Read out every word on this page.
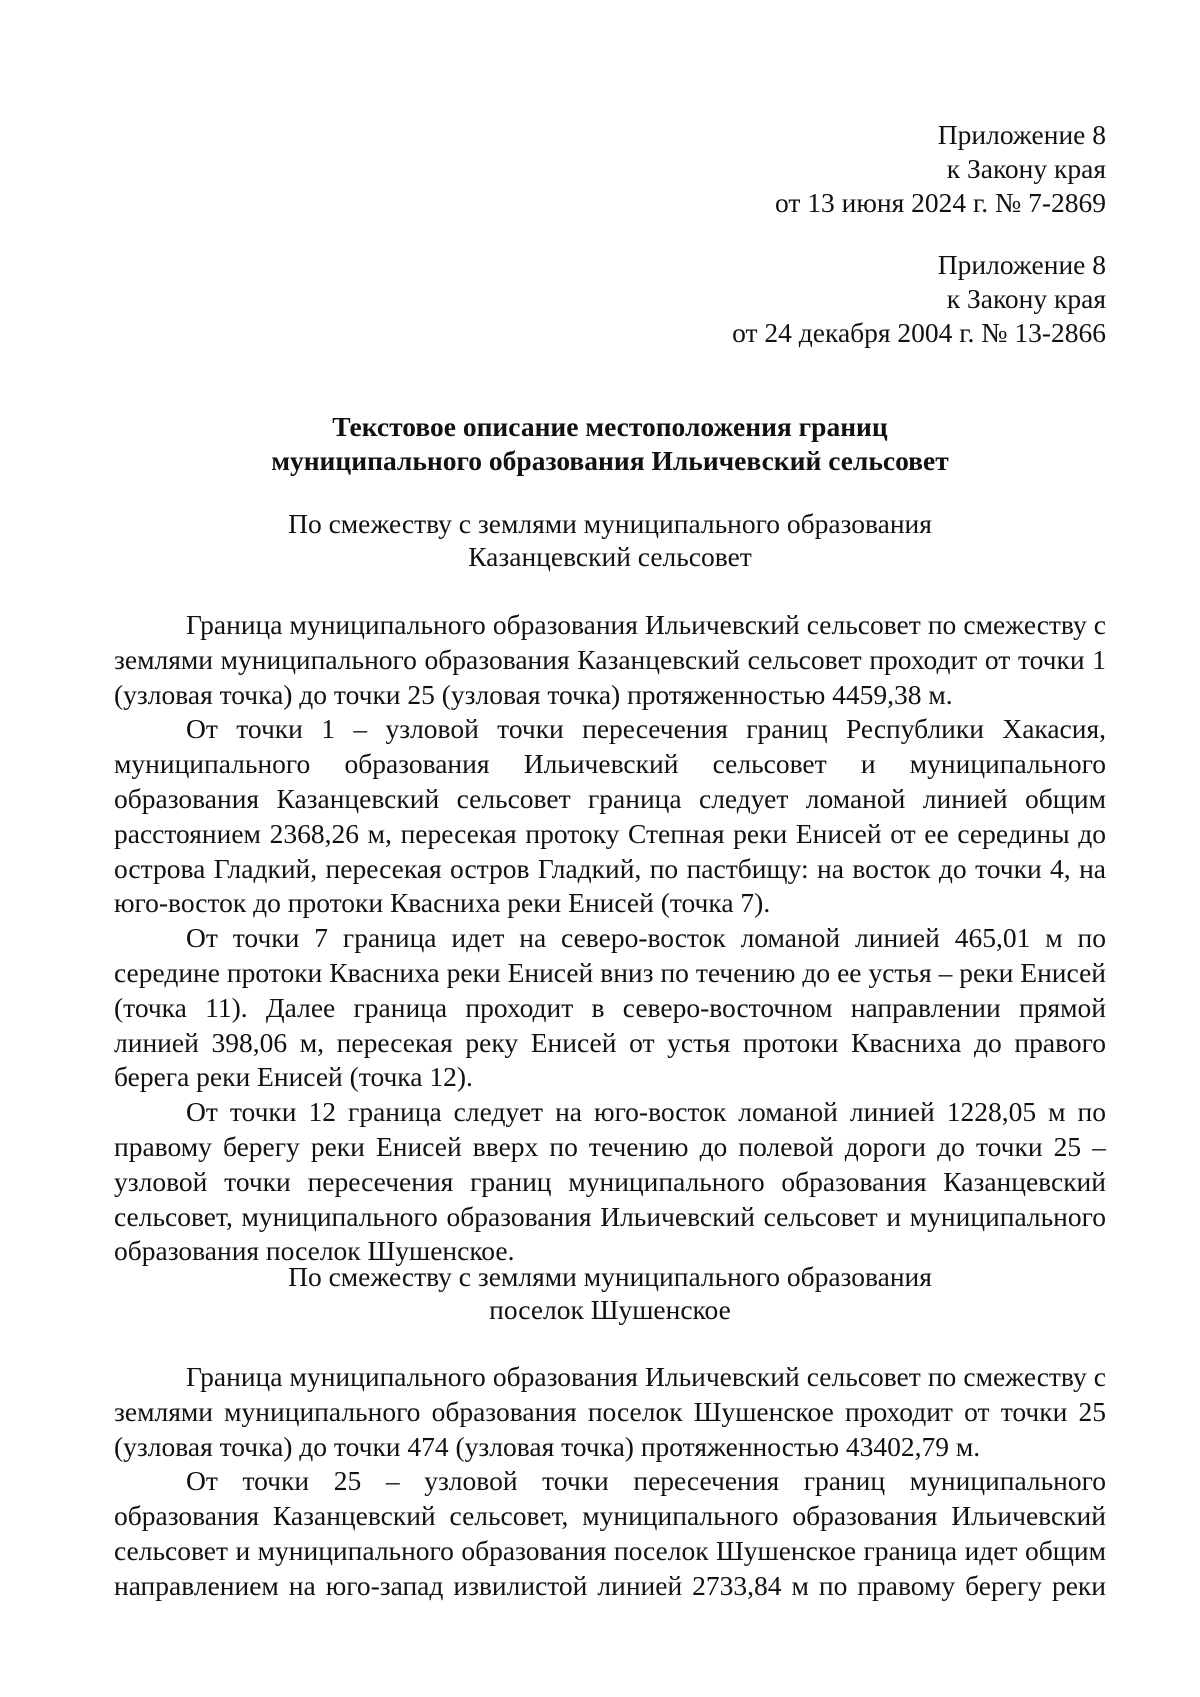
Приложение 8
к Закону края
от 13 июня 2024 г. № 7-2869
Приложение 8
к Закону края
от 24 декабря 2004 г. № 13-2866
Текстовое описание местоположения границ
муниципального образования Ильичевский сельсовет
По смежеству с землями муниципального образования
Казанцевский сельсовет

Граница муниципального образования Ильичевский сельсовет по смежеству с землями муниципального образования Казанцевский сельсовет проходит от точки 1 (узловая точка) до точки 25 (узловая точка) протяженностью 4459,38 м.

От точки 1 – узловой точки пересечения границ Республики Хакасия, муниципального образования Ильичевский сельсовет и муниципального образования Казанцевский сельсовет граница следует ломаной линией общим расстоянием 2368,26 м, пересекая протоку Степная реки Енисей от ее середины до острова Гладкий, пересекая остров Гладкий, по пастбищу: на восток до точки 4, на юго-восток до протоки Квасниха реки Енисей (точка 7).

От точки 7 граница идет на северо-восток ломаной линией 465,01 м по середине протоки Квасниха реки Енисей вниз по течению до ее устья – реки Енисей (точка 11). Далее граница проходит в северо-восточном направлении прямой линией 398,06 м, пересекая реку Енисей от устья протоки Квасниха до правого берега реки Енисей (точка 12).

От точки 12 граница следует на юго-восток ломаной линией 1228,05 м по правому берегу реки Енисей вверх по течению до полевой дороги до точки 25 – узловой точки пересечения границ муниципального образования Казанцевский сельсовет, муниципального образования Ильичевский сельсовет и муниципального образования поселок Шушенское.

По смежеству с землями муниципального образования
поселок Шушенское

Граница муниципального образования Ильичевский сельсовет по смежеству с землями муниципального образования поселок Шушенское проходит от точки 25 (узловая точка) до точки 474 (узловая точка) протяженностью 43402,79 м.

От точки 25 – узловой точки пересечения границ муниципального образования Казанцевский сельсовет, муниципального образования Ильичевский сельсовет и муниципального образования поселок Шушенское граница идет общим направлением на юго-запад извилистой линией 2733,84 м по правому берегу реки
